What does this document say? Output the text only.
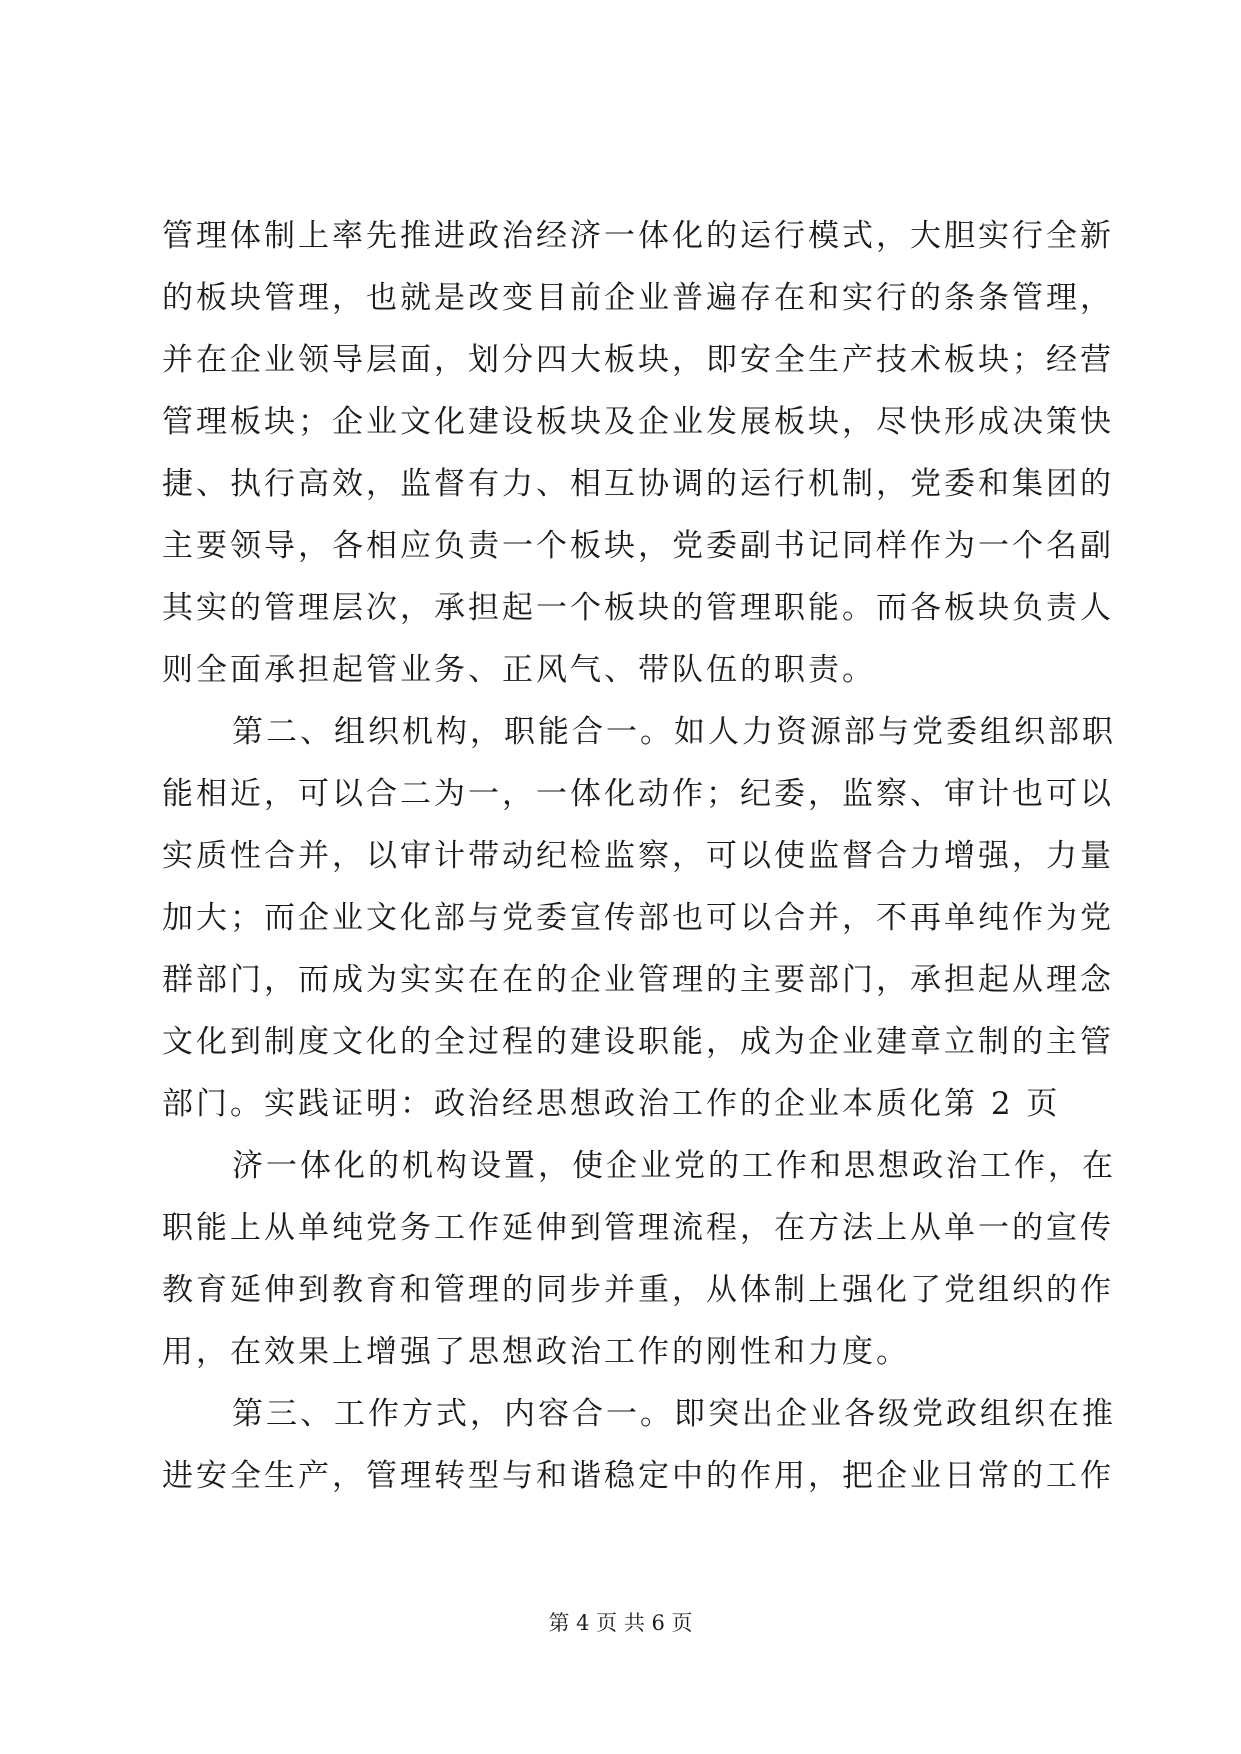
管理体制上率先推进政治经济一体化的运行模式，大胆实行全新
的板块管理，也就是改变目前企业普遍存在和实行的条条管理，
并在企业领导层面，划分四大板块，即安全生产技术板块；经营
管理板块；企业文化建设板块及企业发展板块，尽快形成决策快
捷、执行高效，监督有力、相互协调的运行机制，党委和集团的
主要领导，各相应负责一个板块，党委副书记同样作为一个名副
其实的管理层次，承担起一个板块的管理职能。而各板块负责人
则全面承担起管业务、正风气、带队伍的职责。
第二、组织机构，职能合一。如人力资源部与党委组织部职
能相近，可以合二为一，一体化动作；纪委，监察、审计也可以
实质性合并，以审计带动纪检监察，可以使监督合力增强，力量
加大；而企业文化部与党委宣传部也可以合并，不再单纯作为党
群部门，而成为实实在在的企业管理的主要部门，承担起从理念
文化到制度文化的全过程的建设职能，成为企业建章立制的主管
部门。实践证明：政治经思想政治工作的企业本质化第 2 页
济一体化的机构设置，使企业党的工作和思想政治工作，在
职能上从单纯党务工作延伸到管理流程，在方法上从单一的宣传
教育延伸到教育和管理的同步并重，从体制上强化了党组织的作
用，在效果上增强了思想政治工作的刚性和力度。
第三、工作方式，内容合一。即突出企业各级党政组织在推
进安全生产，管理转型与和谐稳定中的作用，把企业日常的工作
第 4 页 共 6 页
